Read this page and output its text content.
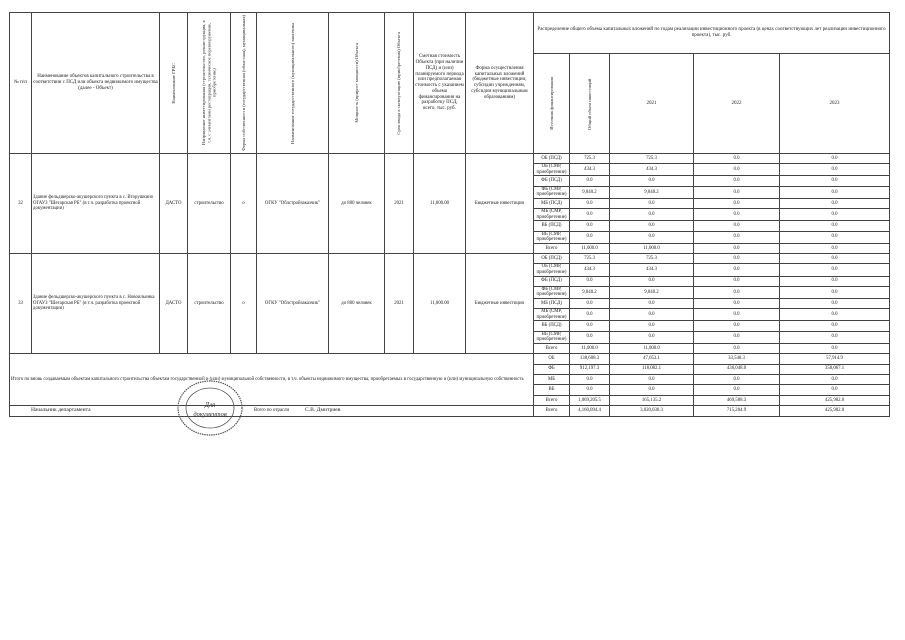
№ п/п	Наименование объектов капитального строительства в соответствии с ПСД или объекта недвижимого имущества (далее - Объект)	Наименование ГРБС	Направление инвестирования (строительство, реконструкция, в т.ч. с элементами реставрации, техническое перевооружение, приобретение)	Форма собственности (государственная (областная), муниципальная)	Наименование государственного (муниципального) заказчика	Мощность (прирост мощности) Объекта	Срок ввода в эксплуатацию (приобретения) Объекта	Сметная стоимость Объекта (при наличии ПСД) и (или) планируемого периода или предполагаемая стоимость с указанием объема финансирования на разработку ПСД, всего, тыс. руб.	Форма осуществления капитальных вложений (бюджетные инвестиции, субсидии учреждениям, субсидии муниципальным образованиям)	Распределение общего объема капитальных вложений по годам реализации инвестиционного проекта (в ценах соответствующих лет реализации инвестиционного проекта), тыс. руб.				

										Источник финансирования	Общий объем инвестиций	2021	2022	2023
32	Здание фельдшерско-акушерского пункта в с. Вторушкино ОГАУЗ "Шегарская РБ" (в т.ч. разработка проектной документации)	ДАСТО	строительство	о	ОГКУ "Облстройзаказчик"	до 800 человек	2021	11,000.00	Бюджетные инвестиции	ОБ (ПСД)	725.3	725.3	0.0	0.0
										ОБ (СМР, приобретение)	434.3	434.3	0.0	0.0
										ФБ (ПСД)	0.0	0.0	0.0	0.0
										ФБ (СМР, приобретение)	9,840.2	9,840.2	0.0	0.0
										МБ (ПСД)	0.0	0.0	0.0	0.0
										МБ (СМР, приобретение)	0.0	0.0	0.0	0.0
										ВБ (ПСД)	0.0	0.0	0.0	0.0
										ВБ (СМР, приобретение)	0.0	0.0	0.0	0.0
										Всего	11,000.0	11,000.0	0.0	0.0
33	Здание фельдшерско-акушерского пункта в с. Новоильинка ОГАУЗ "Шегарская РБ" (в т.ч. разработка проектной документации)	ДАСТО	строительство	о	ОГКУ "Облстройзаказчик"	до 800 человек	2021	11,000.00	Бюджетные инвестиции	ОБ (ПСД)	725.3	725.3	0.0	0.0
										ОБ (СМР, приобретение)	434.3	434.3	0.0	0.0
										ФБ (ПСД)	0.0	0.0	0.0	0.0
										ФБ (СМР, приобретение)	9,840.2	9,840.2	0.0	0.0
										МБ (ПСД)	0.0	0.0	0.0	0.0
										МБ (СМР, приобретение)	0.0	0.0	0.0	0.0
										ВБ (ПСД)	0.0	0.0	0.0	0.0
										ВБ (СМР, приобретение)	0.0	0.0	0.0	0.0
										Всего	11,000.0	11,000.0	0.0	0.0
Итого по вновь создаваемым объектам капитального строительства объектам государственной и (или) муниципальной собственности, в т.ч. объекты недвижимого имущества, приобретаемых в государственную и (или) муниципальную собственность										ОБ	138,608.3	47,053.1	33,540.3	57,914.9
										ФБ	912,197.3	118,082.1	436,048.0	358,067.1
										МБ	0.0	0.0	0.0	0.0
										ВБ	0.0	0.0	0.0	0.0
										Всего	1,069,205.5	165,135.2	469,588.3	425,982.0
Всего по отрасли										Всего	4,160,094.4	3,020,030.3	715,204.9	425,982.0
Начальник департамента	С.В. Дмитриев
Для
документов
